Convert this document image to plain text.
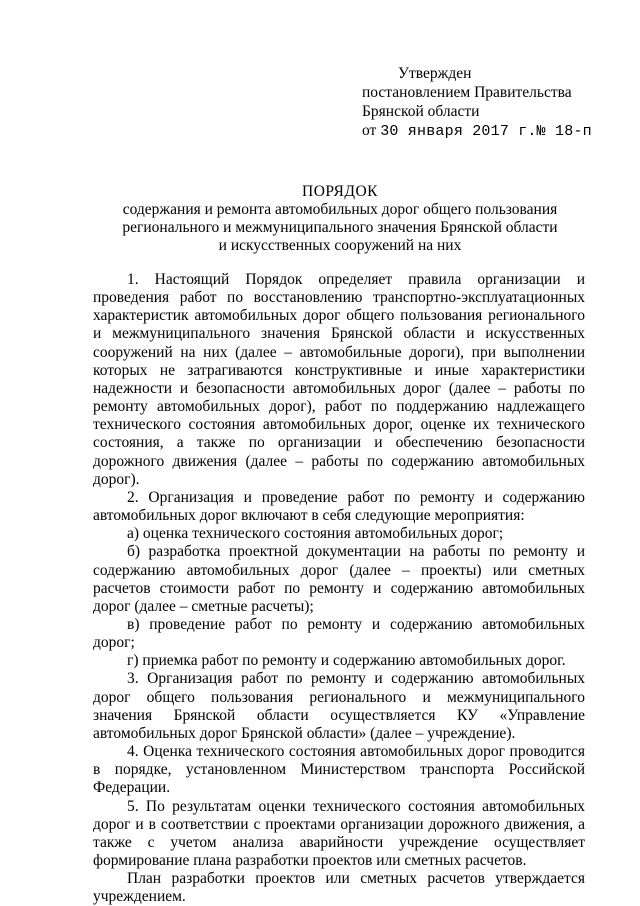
Утвержден
постановлением Правительства
Брянской области
от 30 января 2017 г.№ 18-п
ПОРЯДОК
содержания и ремонта автомобильных дорог общего пользования
регионального и межмуниципального значения Брянской области
и искусственных сооружений на них

1. Настоящий Порядок определяет правила организации и проведения работ по восстановлению транспортно-эксплуатационных характеристик автомобильных дорог общего пользования регионального и межмуниципального значения Брянской области и искусственных сооружений на них (далее – автомобильные дороги), при выполнении которых не затрагиваются конструктивные и иные характеристики надежности и безопасности автомобильных дорог (далее – работы по ремонту автомобильных дорог), работ по поддержанию надлежащего технического состояния автомобильных дорог, оценке их технического состояния, а также по организации и обеспечению безопасности дорожного движения (далее – работы по содержанию автомобильных дорог).

2. Организация и проведение работ по ремонту и содержанию автомобильных дорог включают в себя следующие мероприятия:

а) оценка технического состояния автомобильных дорог;

б) разработка проектной документации на работы по ремонту и содержанию автомобильных дорог (далее – проекты) или сметных расчетов стоимости работ по ремонту и содержанию автомобильных дорог (далее – сметные расчеты);

в) проведение работ по ремонту и содержанию автомобильных дорог;

г) приемка работ по ремонту и содержанию автомобильных дорог.

3. Организация работ по ремонту и содержанию автомобильных дорог общего пользования регионального и межмуниципального значения Брянской области осуществляется КУ «Управление автомобильных дорог Брянской области» (далее – учреждение).

4. Оценка технического состояния автомобильных дорог проводится в порядке, установленном Министерством транспорта Российской Федерации.

5. По результатам оценки технического состояния автомобильных дорог и в соответствии с проектами организации дорожного движения, а также с учетом анализа аварийности учреждение осуществляет формирование плана разработки проектов или сметных расчетов.

План разработки проектов или сметных расчетов утверждается учреждением.
